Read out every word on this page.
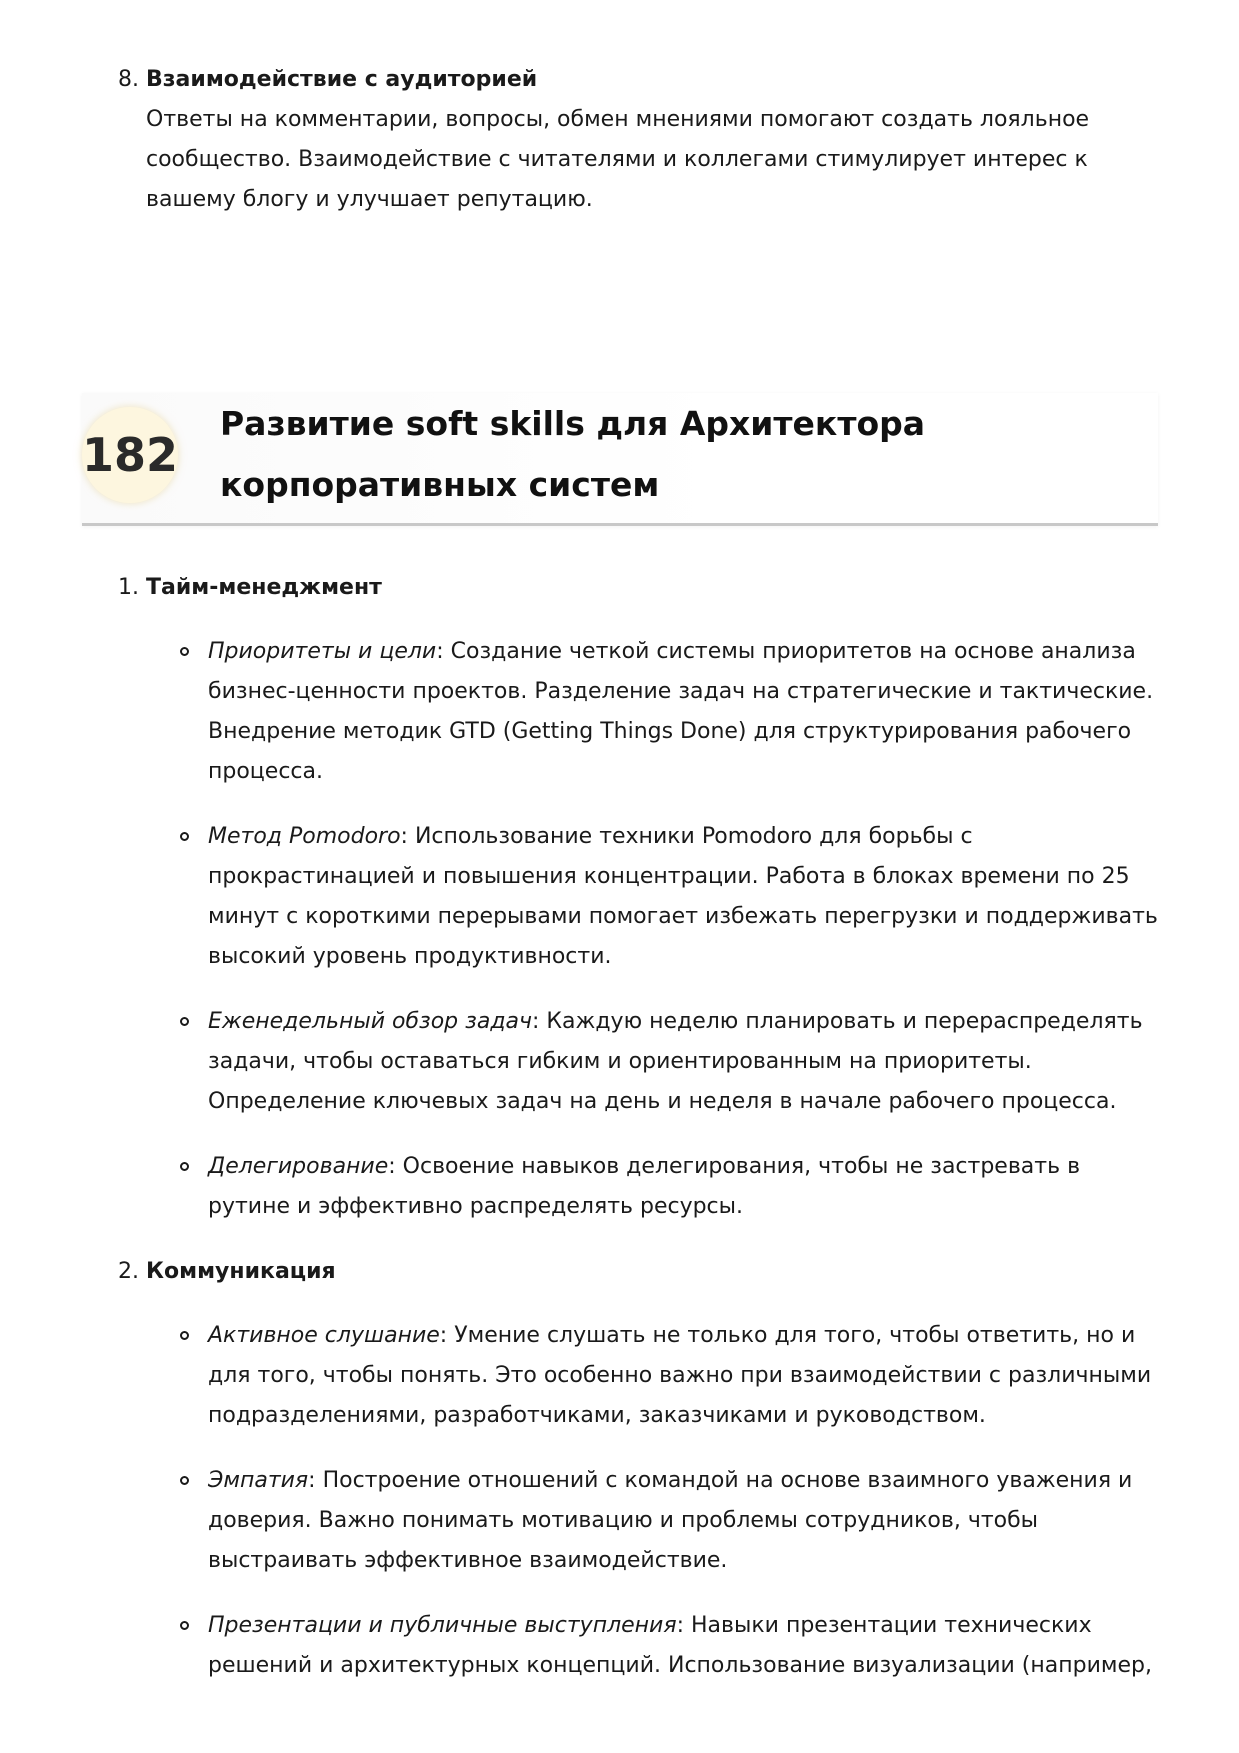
8. Взаимодействие с аудиторией
Ответы на комментарии, вопросы, обмен мнениями помогают создать лояльное сообщество. Взаимодействие с читателями и коллегами стимулирует интерес к вашему блогу и улучшает репутацию.
182
Развитие soft skills для Архитектора
корпоративных систем
1. Тайм-менеджмент
Приоритеты и цели: Создание четкой системы приоритетов на основе анализа бизнес-ценности проектов. Разделение задач на стратегические и тактические. Внедрение методик GTD (Getting Things Done) для структурирования рабочего процесса.
Метод Pomodoro: Использование техники Pomodoro для борьбы с прокрастинацией и повышения концентрации. Работа в блоках времени по 25 минут с короткими перерывами помогает избежать перегрузки и поддерживать высокий уровень продуктивности.
Еженедельный обзор задач: Каждую неделю планировать и перераспределять задачи, чтобы оставаться гибким и ориентированным на приоритеты. Определение ключевых задач на день и неделя в начале рабочего процесса.
Делегирование: Освоение навыков делегирования, чтобы не застревать в рутине и эффективно распределять ресурсы.
2. Коммуникация
Активное слушание: Умение слушать не только для того, чтобы ответить, но и для того, чтобы понять. Это особенно важно при взаимодействии с различными подразделениями, разработчиками, заказчиками и руководством.
Эмпатия: Построение отношений с командой на основе взаимного уважения и доверия. Важно понимать мотивацию и проблемы сотрудников, чтобы выстраивать эффективное взаимодействие.
Презентации и публичные выступления: Навыки презентации технических решений и архитектурных концепций. Использование визуализации (например,
